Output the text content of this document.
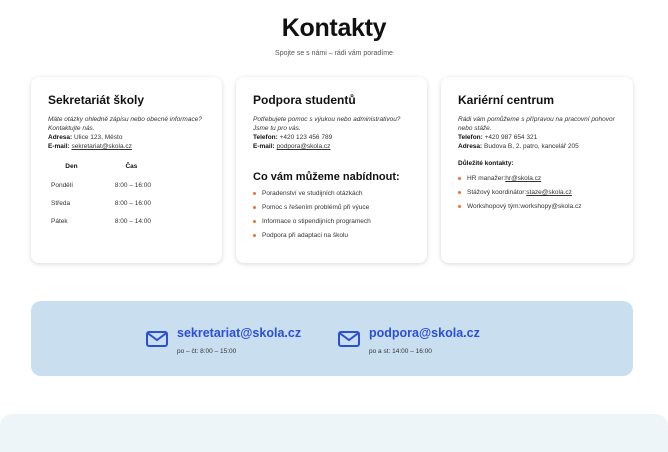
Kontakty

Spojte se s námi – rádi vám poradíme

Sekretariát školy

Máte otázky ohledně zápisu nebo obecné informace? Kontaktujte nás.

Adresa: Ulice 123, Město

E-mail: sekretariat@skola.cz

Den	Čas
Pondělí	8:00 – 16:00
Středa	8:00 – 16:00
Pátek	8:00 – 14:00
Podpora studentů

Potřebujete pomoc s výukou nebo administrativou? Jsme tu pro vás.

Telefon: +420 123 456 789

E-mail: podpora@skola.cz

Co vám můžeme nabídnout:
Poradenství ve studijních otázkách
Pomoc s řešením problémů při výuce
Informace o stipendijních programech
Podpora při adaptaci na školu
Kariérní centrum

Rádi vám pomůžeme s přípravou na pracovní pohovor nebo stáže.

Telefon: +420 987 654 321

Adresa: Budova B, 2. patro, kancelář 205

Důležité kontakty:

HR manažer: hr@skola.cz
Stážový koordinátor: staze@skola.cz
Workshopový tým: workshopy@skola.cz
sekretariat@skola.cz
po – čt: 8:00 – 15:00
podpora@skola.cz
po a st: 14:00 – 16:00
